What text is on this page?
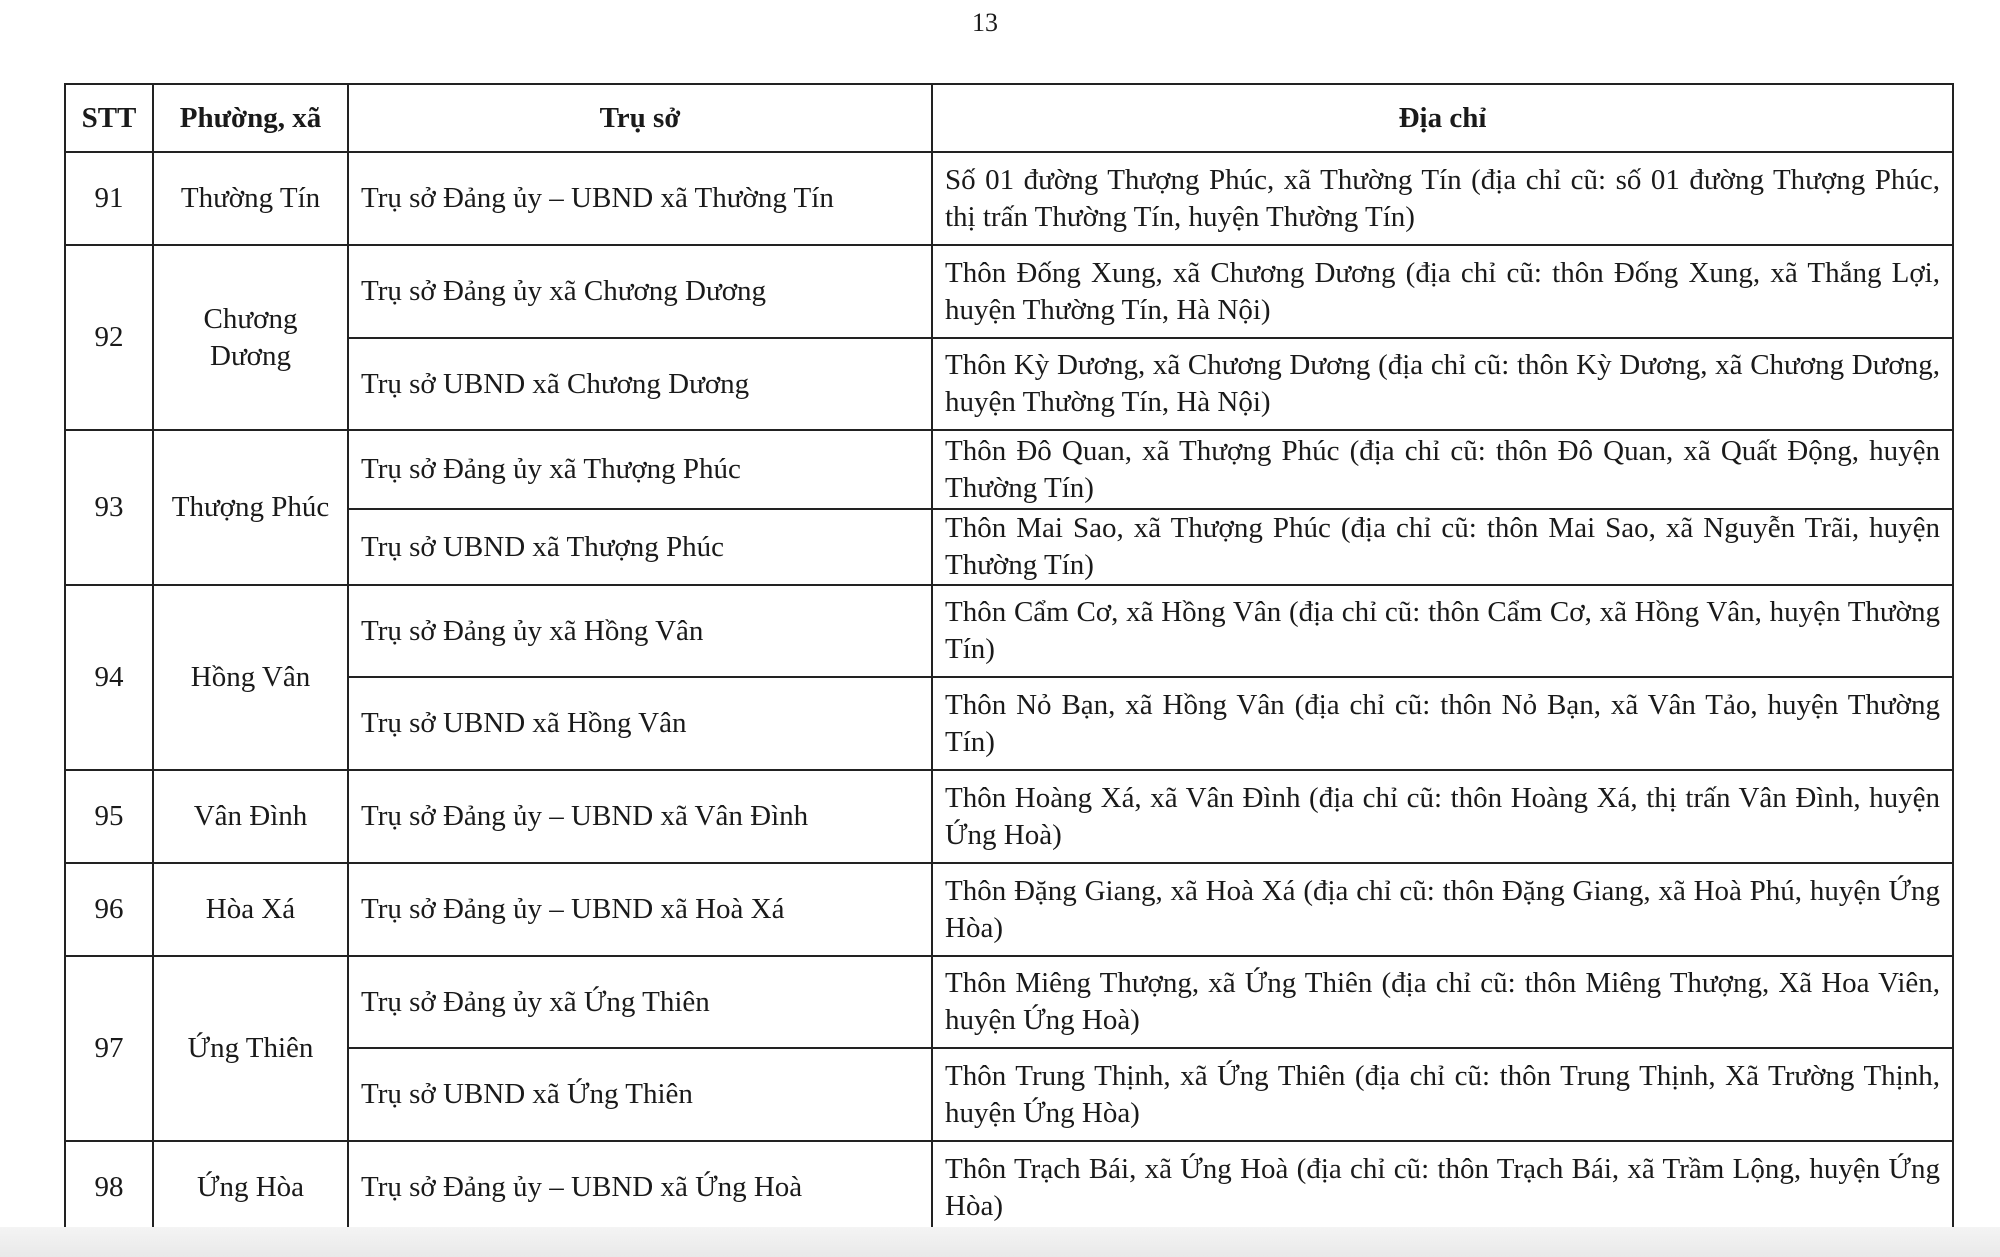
13
STT	Phường, xã	Trụ sở	Địa chỉ
91	Thường Tín	Trụ sở Đảng ủy – UBND xã Thường Tín	Số 01 đường Thượng Phúc, xã Thường Tín (địa chỉ cũ: số 01 đường Thượng Phúc, thị trấn Thường Tín, huyện Thường Tín)
92	Chương Dương	Trụ sở Đảng ủy xã Chương Dương	Thôn Đống Xung, xã Chương Dương (địa chỉ cũ: thôn Đống Xung, xã Thắng Lợi, huyện Thường Tín, Hà Nội)
		Trụ sở UBND xã Chương Dương	Thôn Kỳ Dương, xã Chương Dương (địa chỉ cũ: thôn Kỳ Dương, xã Chương Dương, huyện Thường Tín, Hà Nội)
93	Thượng Phúc	Trụ sở Đảng ủy xã Thượng Phúc	Thôn Đô Quan, xã Thượng Phúc (địa chỉ cũ: thôn Đô Quan, xã Quất Động, huyện Thường Tín)
		Trụ sở UBND xã Thượng Phúc	Thôn Mai Sao, xã Thượng Phúc (địa chỉ cũ: thôn Mai Sao, xã Nguyễn Trãi, huyện Thường Tín)
94	Hồng Vân	Trụ sở Đảng ủy xã Hồng Vân	Thôn Cẩm Cơ, xã Hồng Vân (địa chỉ cũ: thôn Cẩm Cơ, xã Hồng Vân, huyện Thường Tín)
		Trụ sở UBND xã Hồng Vân	Thôn Nỏ Bạn, xã Hồng Vân (địa chỉ cũ: thôn Nỏ Bạn, xã Vân Tảo, huyện Thường Tín)
95	Vân Đình	Trụ sở Đảng ủy – UBND xã Vân Đình	Thôn Hoàng Xá, xã Vân Đình (địa chỉ cũ: thôn Hoàng Xá, thị trấn Vân Đình, huyện Ứng Hoà)
96	Hòa Xá	Trụ sở Đảng ủy – UBND xã Hoà Xá	Thôn Đặng Giang, xã Hoà Xá (địa chỉ cũ: thôn Đặng Giang, xã Hoà Phú, huyện Ứng Hòa)
97	Ứng Thiên	Trụ sở Đảng ủy xã Ứng Thiên	Thôn Miêng Thượng, xã Ứng Thiên (địa chỉ cũ: thôn Miêng Thượng, Xã Hoa Viên, huyện Ứng Hoà)
		Trụ sở UBND xã Ứng Thiên	Thôn Trung Thịnh, xã Ứng Thiên (địa chỉ cũ: thôn Trung Thịnh, Xã Trường Thịnh, huyện Ứng Hòa)
98	Ứng Hòa	Trụ sở Đảng ủy – UBND xã Ứng Hoà	Thôn Trạch Bái, xã Ứng Hoà (địa chỉ cũ: thôn Trạch Bái, xã Trầm Lộng, huyện Ứng Hòa)
